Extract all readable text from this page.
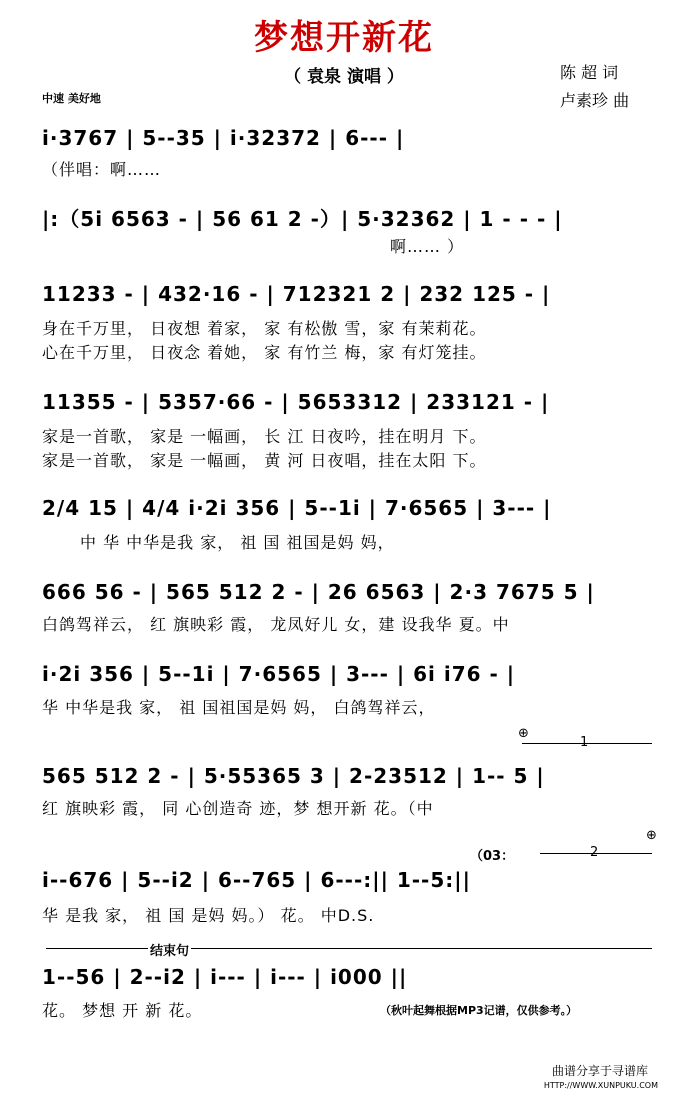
梦想开新花
（ 袁泉 演唱 ）	陈 超 词
卢素珍 曲
中速 美好地
i·3767 | 5--35 | i·32372 | 6--- |
（伴唱：啊……
|:（5i 6563 - | 56 61 2 -）| 5·32362 | 1 - - - |
啊…… ）
11233 - | 432·16 - | 712321 2 | 232 125 - |
身在千万里， 日夜想 着家， 家 有松傲 雪，家 有茉莉花。
心在千万里， 日夜念 着她， 家 有竹兰 梅，家 有灯笼挂。
11355 - | 5357·66 - | 5653312 | 233121 - |
家是一首歌， 家是 一幅画， 长 江 日夜吟，挂在明月 下。
家是一首歌， 家是 一幅画， 黄 河 日夜唱，挂在太阳 下。
2/4 15 | 4/4 i·2i 356 | 5--1i | 7·6565 | 3--- |
中 华 中华是我 家， 祖 国 祖国是妈 妈，
666 56 - | 565 512 2 - | 26 6563 | 2·3 7675 5 |
白鸽驾祥云， 红 旗映彩 霞， 龙凤好儿 女，建 设我华 夏。中
i·2i 356 | 5--1i | 7·6565 | 3--- | 6i i76 - |
华 中华是我 家， 祖 国祖国是妈 妈， 白鸽驾祥云，
⊕
1
565 512 2 - | 5·55365 3 | 2-23512 | 1-- 5 |
红 旗映彩 霞， 同 心创造奇 迹，梦 想开新 花。（中
（03：	2
⊕
i--676 | 5--i2 | 6--765 | 6---:|| 1--5:||
华 是我 家， 祖 国 是妈 妈。） 花。 中D.S.
结束句
1--56 | 2--i2 | i--- | i--- | i000 ||
花。 梦想 开 新 花。	（秋叶起舞根据MP3记谱，仅供参考。）
曲谱分享于寻谱库
HTTP://WWW.XUNPUKU.COM
